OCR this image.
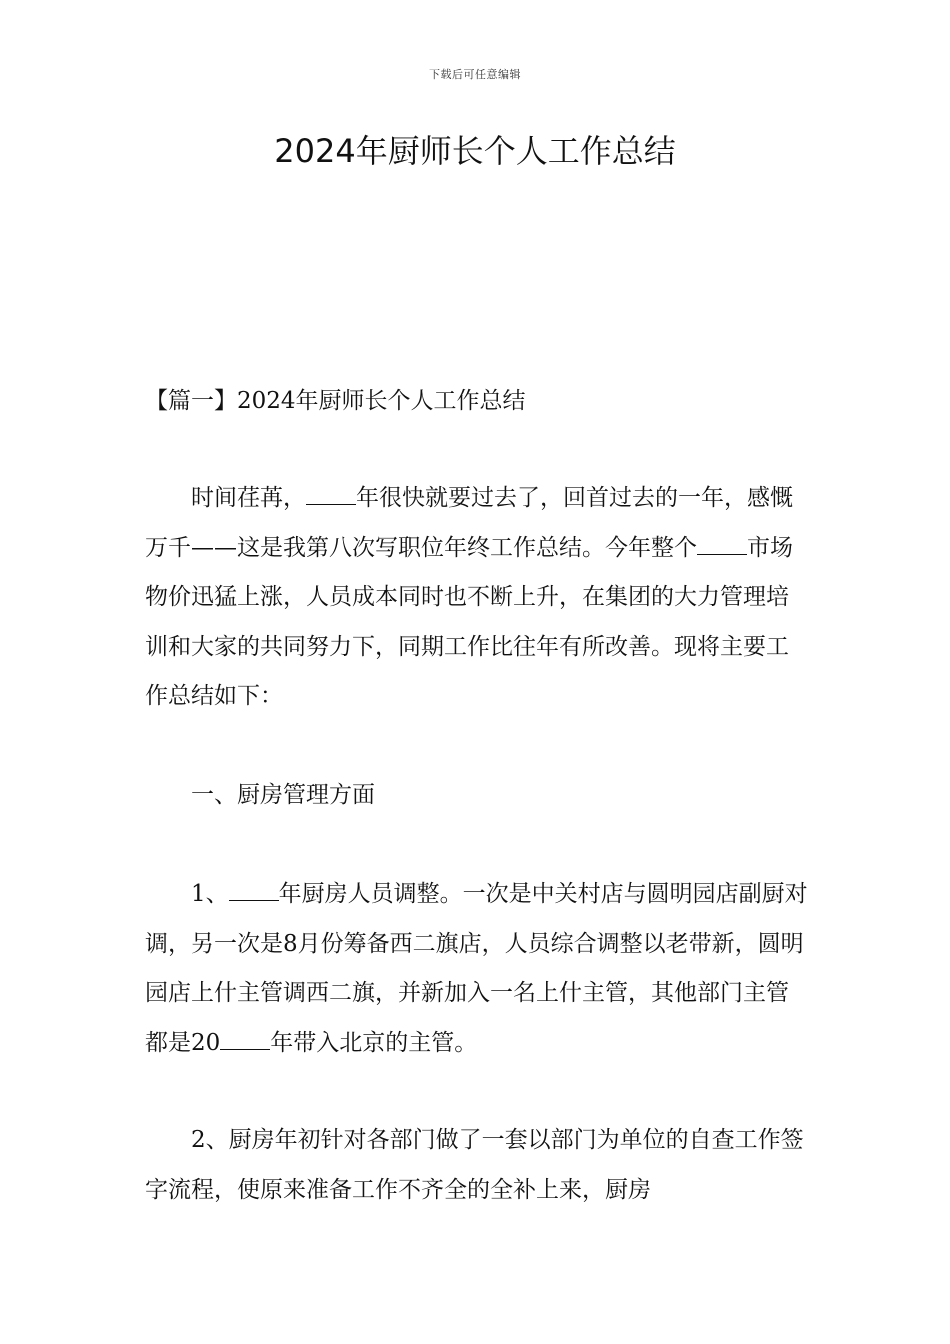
下载后可任意编辑
2024年厨师长个人工作总结

【篇一】2024年厨师长个人工作总结

时间荏苒， 年很快就要过去了，回首过去的一年，感慨万千——这是我第八次写职位年终工作总结。今年整个 市场物价迅猛上涨，人员成本同时也不断上升，在集团的大力管理培训和大家的共同努力下，同期工作比往年有所改善。现将主要工作总结如下：

一、厨房管理方面

1、 年厨房人员调整。一次是中关村店与圆明园店副厨对调，另一次是8月份筹备西二旗店，人员综合调整以老带新，圆明园店上什主管调西二旗，并新加入一名上什主管，其他部门主管都是20 年带入北京的主管。

2、厨房年初针对各部门做了一套以部门为单位的自查工作签字流程，使原来准备工作不齐全的全补上来，厨房
